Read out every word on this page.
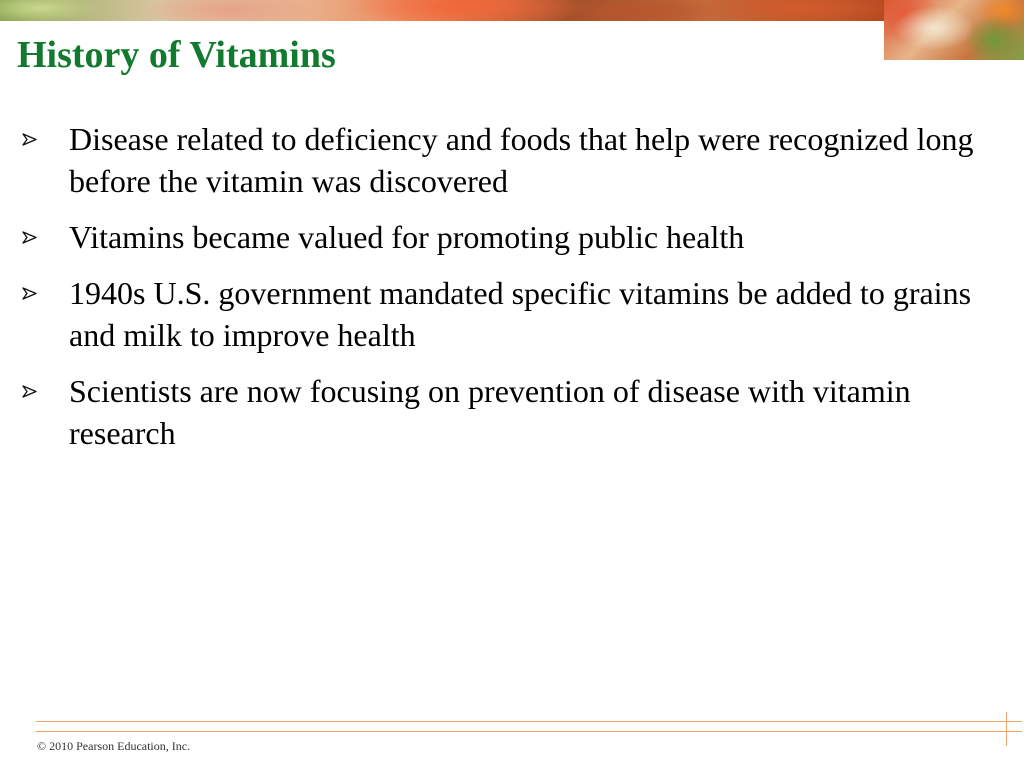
History of Vitamins
Disease related to deficiency and foods that help were recognized long before the vitamin was discovered
Vitamins became valued for promoting public health
1940s U.S. government mandated specific vitamins be added to grains and milk to improve health
Scientists are now focusing on prevention of disease with vitamin research
© 2010 Pearson Education, Inc.
